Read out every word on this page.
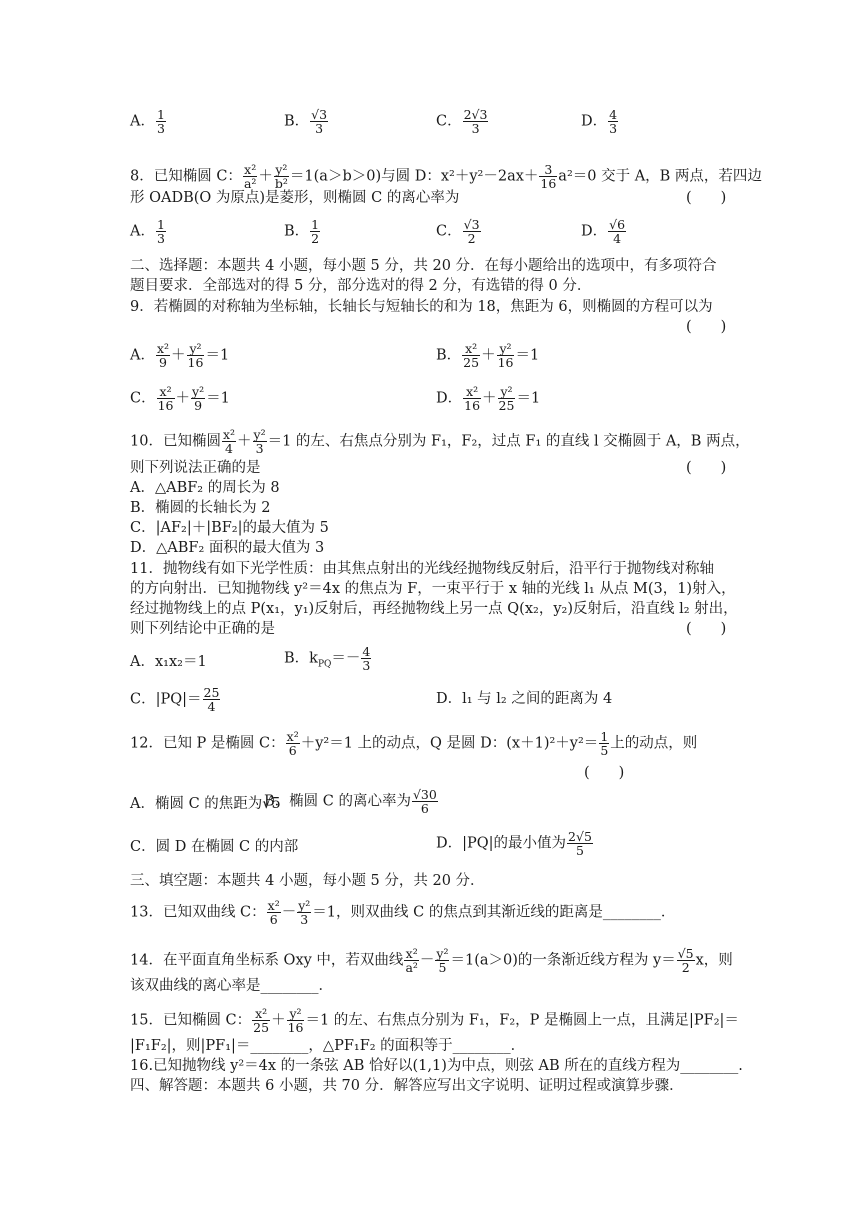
A． $\frac{1}{3}$	B． $\frac{√3}{3}$	C． $\frac{2√3}{3}$	D． $\frac{4}{3}$
8．已知椭圆 C： $\frac{\text{x²}}{\text{a²}} + \frac{\text{y²}}{\text{b²}} =1(a>b>0)$与圆 D：$x^2+y^2-2ax+ \frac{3}{16} a^2=0$ 交于 A，B 两点，若四边
形 OADB(O 为原点)是菱形，则椭圆 C 的离心率为	(　　)
A． $\frac{1}{3}$	B． $\frac{1}{2}$	C． $\frac{√3}{2}$	D． $\frac{√6}{4}$
二、选择题：本题共 4 小题，每小题 5 分，共 20 分．在每小题给出的选项中，有多项符合
题目要求．全部选对的得 5 分，部分选对的得 2 分，有选错的得 0 分．
9．若椭圆的对称轴为坐标轴，长轴长与短轴长的和为 18，焦距为 6，则椭圆的方程可以为
(　　)
A． $\frac{\text{x²}}{9} + \frac{\text{y²}}{16} =1$	B． $\frac{\text{x²}}{25} + \frac{\text{y²}}{16} =1$
C． $\frac{\text{x²}}{16} + \frac{\text{y²}}{9} =1$	D． $\frac{\text{x²}}{16} + \frac{\text{y²}}{25} =1$
10．已知椭圆 $\frac{\text{x²}}{4} + \frac{\text{y²}}{3} =1$ 的左、右焦点分别为 F₁，F₂，过点 F₁ 的直线 l 交椭圆于 A，B 两点，
则下列说法正确的是	(　　)
A．△ABF₂ 的周长为 8
B．椭圆的长轴长为 2
C．|AF₂|＋|BF₂|的最大值为 5
D．△ABF₂ 面积的最大值为 3
11．抛物线有如下光学性质：由其焦点射出的光线经抛物线反射后，沿平行于抛物线对称轴
的方向射出．已知抛物线 y²＝4x 的焦点为 F，一束平行于 x 轴的光线 l₁ 从点 M(3，1)射入，
经过抛物线上的点 P(x₁，y₁)反射后，再经抛物线上另一点 Q(x₂，y₂)反射后，沿直线 l₂ 射出，
则下列结论中正确的是	(　　)
A．x₁x₂＝1	B．$k_{PQ}=- \frac{4}{3}$
C．$|PQ|= \frac{25}{4}$	D．l₁ 与 l₂ 之间的距离为 4
12．已知 P 是椭圆 C： $\frac{\text{x²}}{6} +y^2=1$ 上的动点，Q 是圆 D：$(x+1)^2+y^2= \frac{1}{5}$ 上的动点，则
(　　)
A．椭圆 C 的焦距为√5
B．椭圆 C 的离心率为 $\frac{√30}{6}$
C．圆 D 在椭圆 C 的内部	D．|PQ|的最小值为 $\frac{2√5}{5}$
三、填空题：本题共 4 小题，每小题 5 分，共 20 分．
13．已知双曲线 C： $\frac{\text{x²}}{6} - \frac{\text{y²}}{3} =1$，则双曲线 C 的焦点到其渐近线的距离是________．
14．在平面直角坐标系 Oxy 中，若双曲线 $\frac{\text{x²}}{\text{a²}} - \frac{\text{y²}}{5} =1(a>0)$的一条渐近线方程为 $y= \frac{√5}{2}$ x，则
该双曲线的离心率是________．
15．已知椭圆 C： $\frac{\text{x²}}{25} + \frac{\text{y²}}{16} =1$ 的左、右焦点分别为 F₁，F₂，P 是椭圆上一点，且满足|PF₂|＝
|F₁F₂|，则|PF₁|＝________，△PF₁F₂ 的面积等于________．
16.已知抛物线 y²＝4x 的一条弦 AB 恰好以(1,1)为中点，则弦 AB 所在的直线方程为________.
四、解答题：本题共 6 小题，共 70 分．解答应写出文字说明、证明过程或演算步骤．
